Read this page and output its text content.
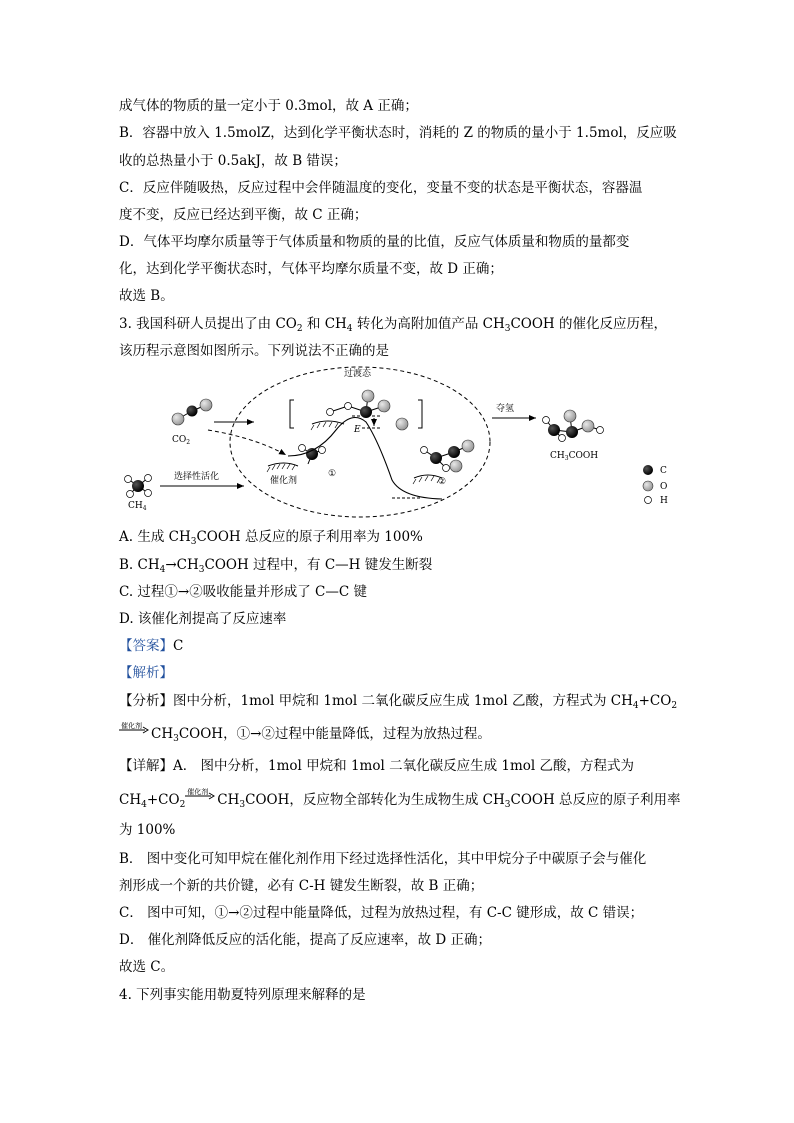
成气体的物质的量一定小于 0.3mol，故 A 正确；
B．容器中放入 1.5molZ，达到化学平衡状态时，消耗的 Z 的物质的量小于 1.5mol，反应吸
收的总热量小于 0.5akJ，故 B 错误；
C．反应伴随吸热，反应过程中会伴随温度的变化，变量不变的状态是平衡状态，容器温
度不变，反应已经达到平衡，故 C 正确；
D．气体平均摩尔质量等于气体质量和物质的量的比值，反应气体质量和物质的量都变
化，达到化学平衡状态时，气体平均摩尔质量不变，故 D 正确；
故选 B。
3. 我国科研人员提出了由 $CO_2$ 和 $CH_4$ 转化为高附加值产品 $CH_3COOH$ 的催化反应历程，
该历程示意图如图所示。下列说法不正确的是
过渡态
$CO_2$
$CH_4$
选择性活化	催化剂
①
E
②
夺氢
$CH_3COOH$
C
O
H
A. 生成 $CH_3COOH$ 总反应的原子利用率为 100%
B. $CH_4\to CH_3COOH$ 过程中，有 C—H 键发生断裂
C. 过程①→②吸收能量并形成了 C—C 键
D. 该催化剂提高了反应速率
【答案】C
【解析】
【分析】图中分析，1mol 甲烷和 1mol 二氧化碳反应生成 1mol 乙酸，方程式为 $CH_4+CO_2$
催化剂 $CH_3COOH$，①→②过程中能量降低，过程为放热过程。
【详解】A． 图中分析，1mol 甲烷和 1mol 二氧化碳反应生成 1mol 乙酸，方程式为
$CH_4+CO_2$
催化剂 $CH_3COOH$，反应物全部转化为生成物生成 $CH_3COOH$ 总反应的原子利用率
为 100%
B． 图中变化可知甲烷在催化剂作用下经过选择性活化，其中甲烷分子中碳原子会与催化
剂形成一个新的共价键，必有 C-H 键发生断裂，故 B 正确；
C． 图中可知，①→②过程中能量降低，过程为放热过程，有 C-C 键形成，故 C 错误；
D． 催化剂降低反应的活化能，提高了反应速率，故 D 正确；
故选 C。
4. 下列事实能用勒夏特列原理来解释的是
